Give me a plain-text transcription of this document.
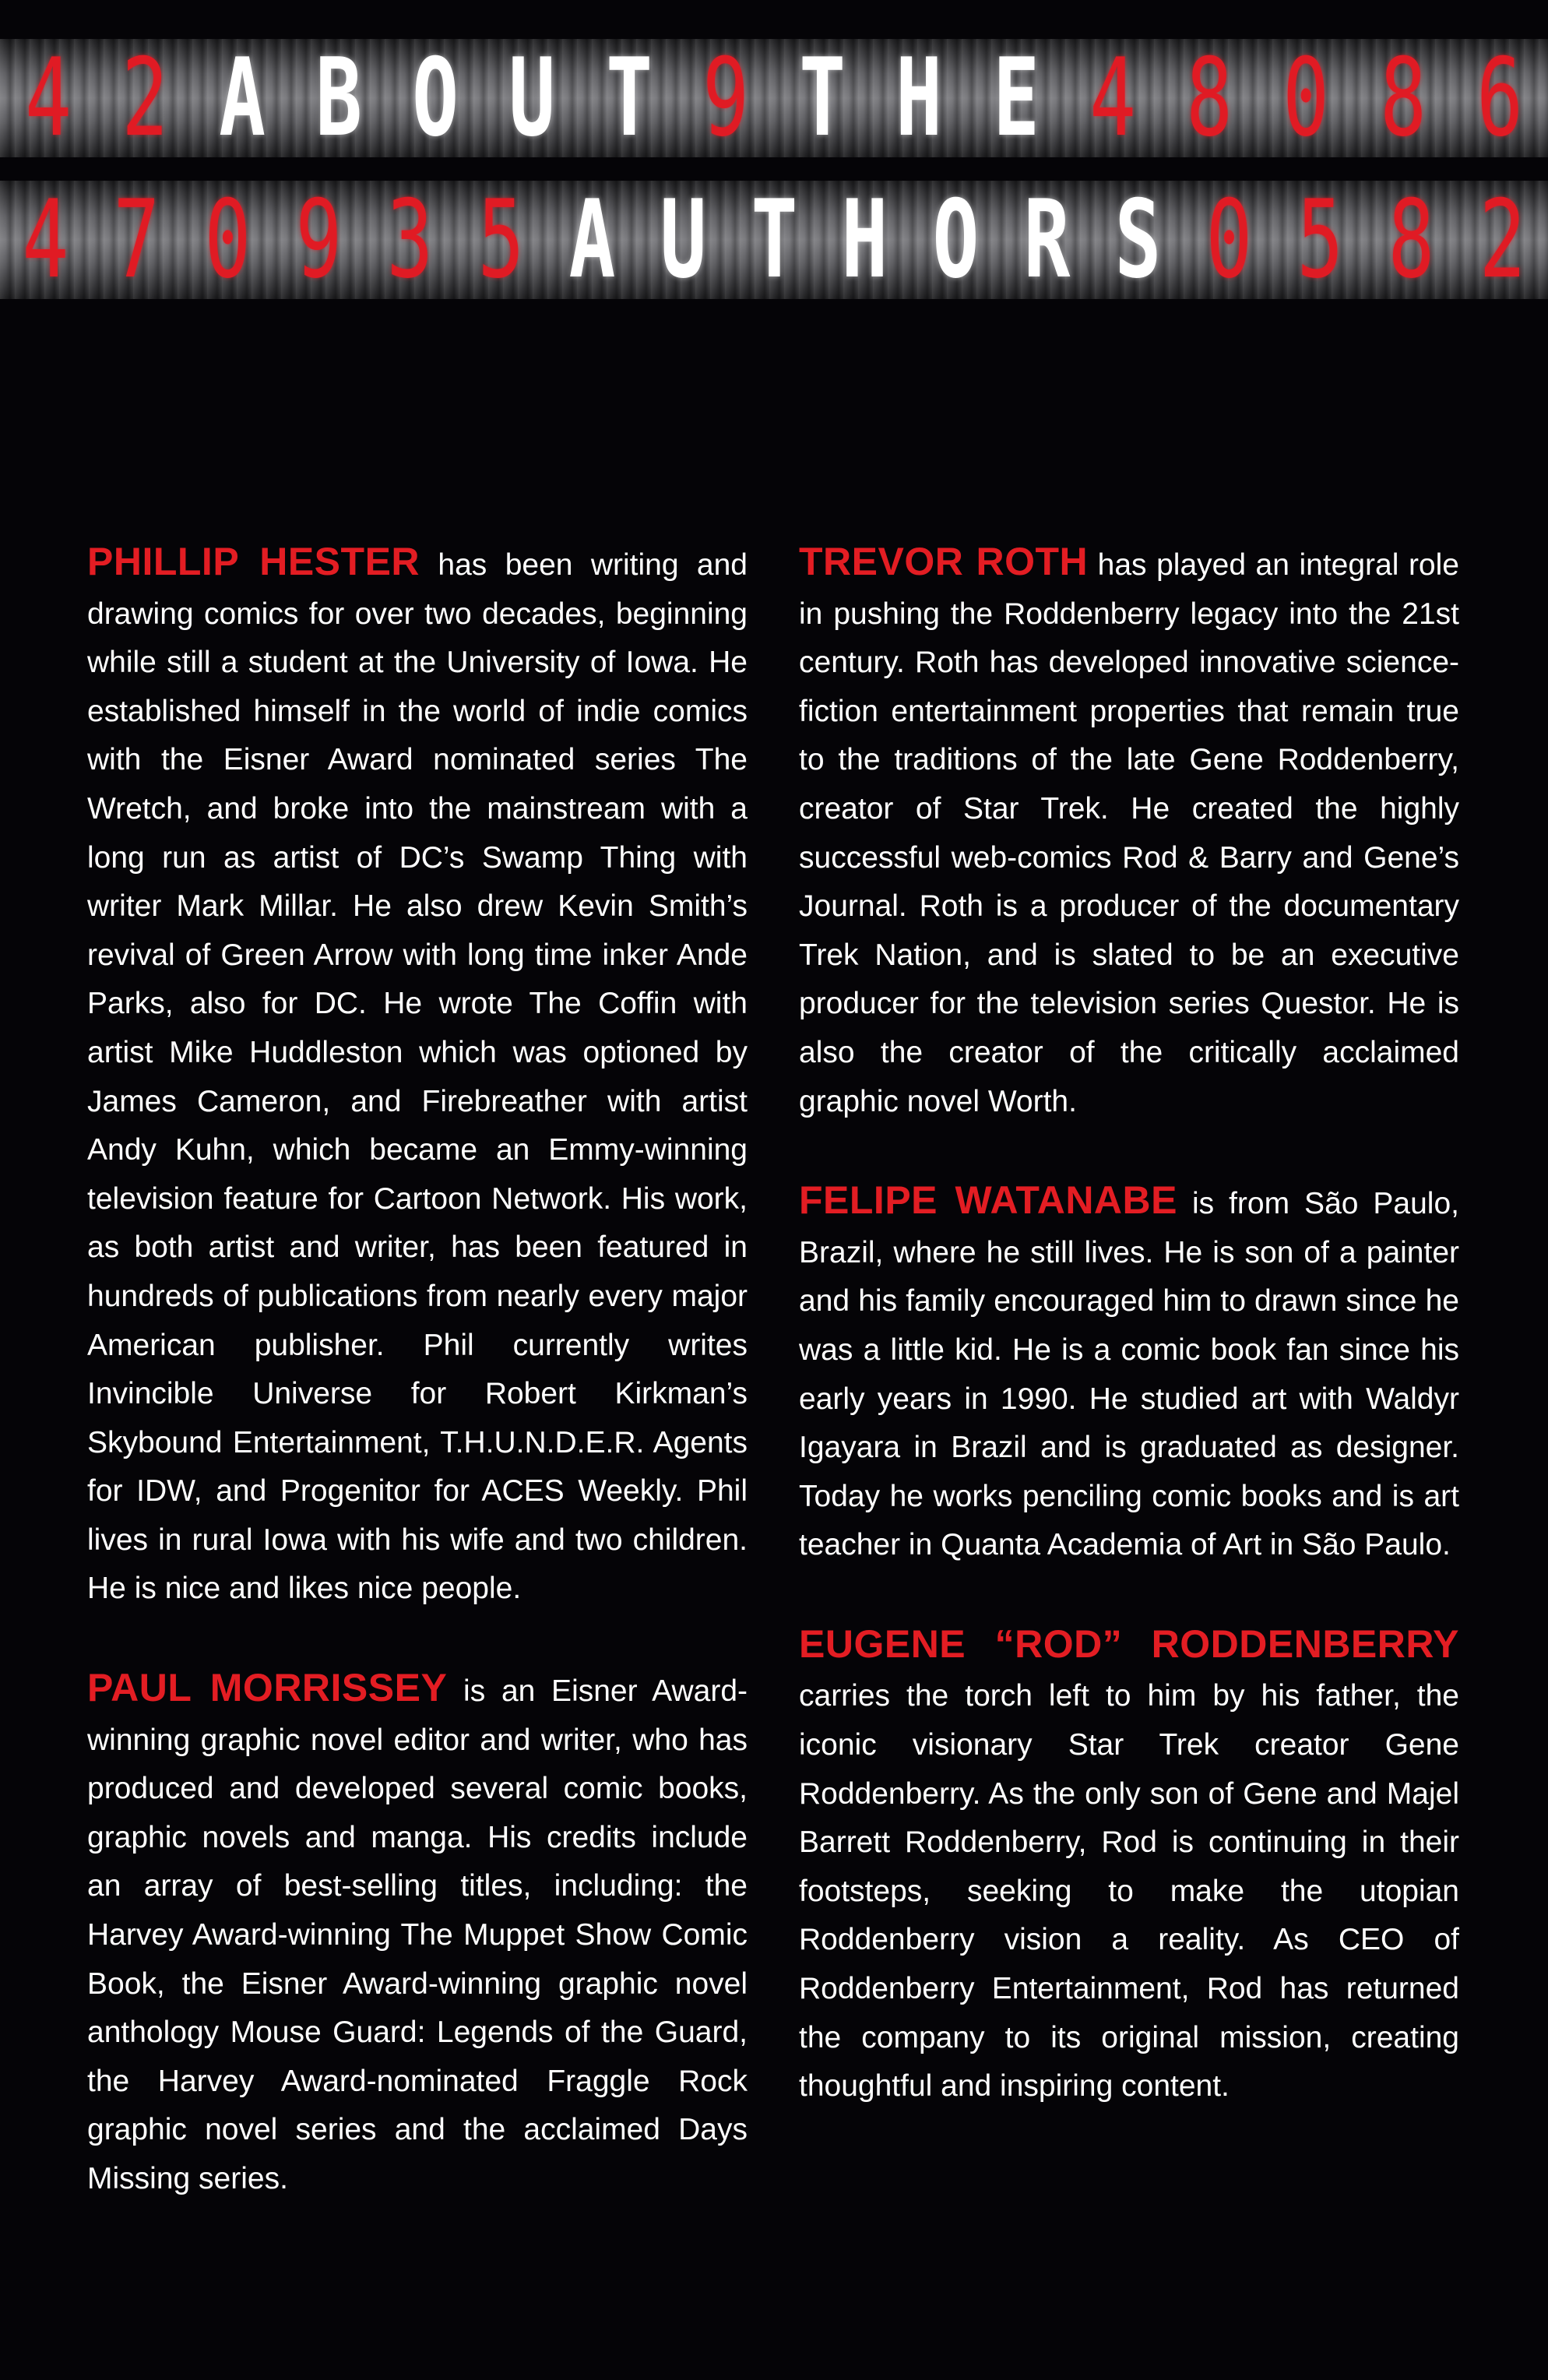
4 2 A B O U T 9 T H E 4 8 0 8 6
4 7 0 9 3 5 A U T H O R S 0 5 8 2

PHILLIP HESTER has been writing and drawing comics for over two decades, beginning while still a student at the University of Iowa. He established himself in the world of indie comics with the Eisner Award nominated series The Wretch, and broke into the mainstream with a long run as artist of DC’s Swamp Thing with writer Mark Millar. He also drew Kevin Smith’s revival of Green Arrow with long time inker Ande Parks, also for DC. He wrote The Coffin with artist Mike Huddleston which was optioned by James Cameron, and Firebreather with artist Andy Kuhn, which became an Emmy-winning television feature for Cartoon Network. His work, as both artist and writer, has been featured in hundreds of publications from nearly every major American publisher. Phil currently writes Invincible Universe for Robert Kirkman’s Skybound Entertainment, T.H.U.N.D.E.R. Agents for IDW, and Progenitor for ACES Weekly. Phil lives in rural Iowa with his wife and two children. He is nice and likes nice people.

PAUL MORRISSEY is an Eisner Award-winning graphic novel editor and writer, who has produced and developed several comic books, graphic novels and manga. His credits include an array of best-selling titles, including: the Harvey Award-winning The Muppet Show Comic Book, the Eisner Award-winning graphic novel anthology Mouse Guard: Legends of the Guard, the Harvey Award-nominated Fraggle Rock graphic novel series and the acclaimed Days Missing series.

TREVOR ROTH has played an integral role in pushing the Roddenberry legacy into the 21st century. Roth has developed innovative science-fiction entertainment properties that remain true to the traditions of the late Gene Roddenberry, creator of Star Trek. He created the highly successful web-comics Rod & Barry and Gene’s Journal. Roth is a producer of the documentary Trek Nation, and is slated to be an executive producer for the television series Questor. He is also the creator of the critically acclaimed graphic novel Worth.

FELIPE WATANABE is from São Paulo, Brazil, where he still lives. He is son of a painter and his family encouraged him to drawn since he was a little kid. He is a comic book fan since his early years in 1990. He studied art with Waldyr Igayara in Brazil and is graduated as designer. Today he works penciling comic books and is art teacher in Quanta Academia of Art in São Paulo.

EUGENE “ROD” RODDENBERRY carries the torch left to him by his father, the iconic visionary Star Trek creator Gene Roddenberry. As the only son of Gene and Majel Barrett Roddenberry, Rod is continuing in their footsteps, seeking to make the utopian Roddenberry vision a reality. As CEO of Roddenberry Entertainment, Rod has returned the company to its original mission, creating thoughtful and inspiring content.
